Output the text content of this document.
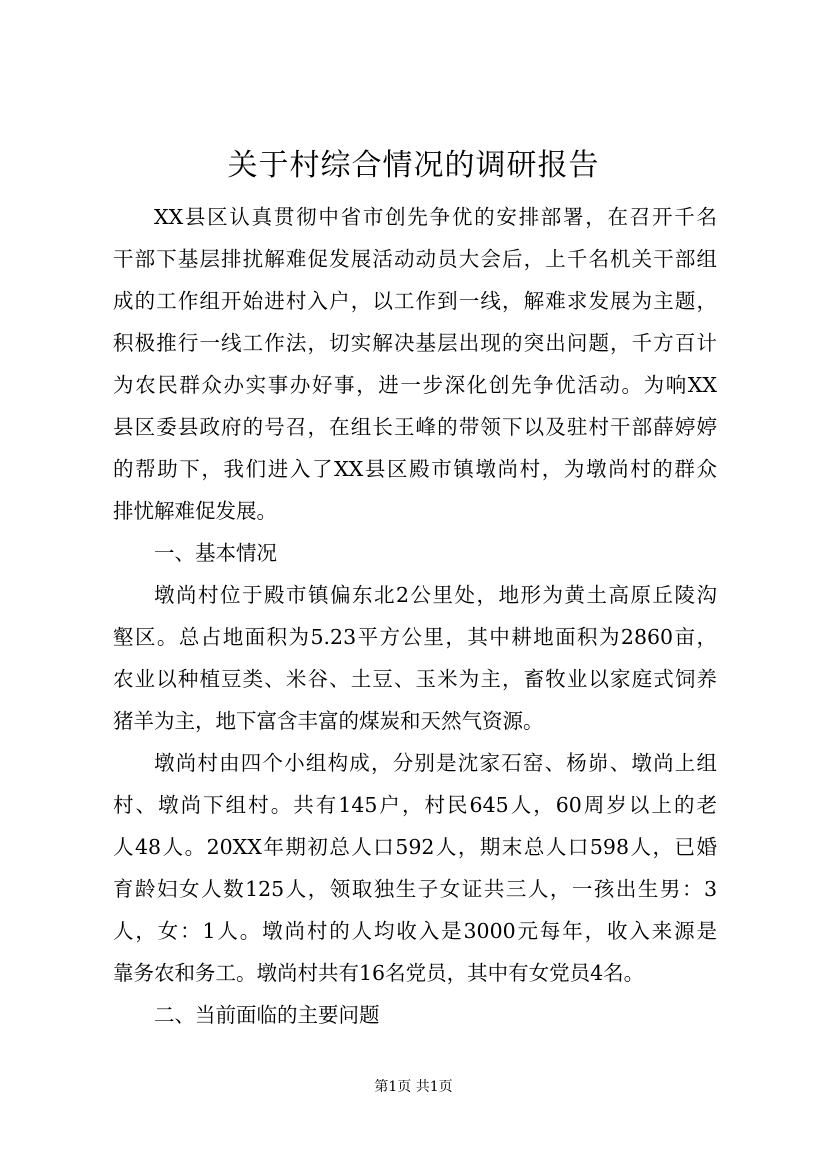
关于村综合情况的调研报告
XX县区认真贯彻中省市创先争优的安排部署，在召开千名
干部下基层排扰解难促发展活动动员大会后，上千名机关干部组
成的工作组开始进村入户，以工作到一线，解难求发展为主题，
积极推行一线工作法，切实解决基层出现的突出问题，千方百计
为农民群众办实事办好事，进一步深化创先争优活动。为响XX
县区委县政府的号召，在组长王峰的带领下以及驻村干部薛婷婷
的帮助下，我们进入了XX县区殿市镇墩尚村，为墩尚村的群众
排忧解难促发展。
一、基本情况
墩尚村位于殿市镇偏东北2公里处，地形为黄土高原丘陵沟
壑区。总占地面积为5.23平方公里，其中耕地面积为2860亩，
农业以种植豆类、米谷、土豆、玉米为主，畜牧业以家庭式饲养
猪羊为主，地下富含丰富的煤炭和天然气资源。
墩尚村由四个小组构成，分别是沈家石窑、杨峁、墩尚上组
村、墩尚下组村。共有145户，村民645人，60周岁以上的老
人48人。20XX年期初总人口592人，期末总人口598人，已婚
育龄妇女人数125人，领取独生子女证共三人，一孩出生男：3
人，女：1人。墩尚村的人均收入是3000元每年，收入来源是
靠务农和务工。墩尚村共有16名党员，其中有女党员4名。
二、当前面临的主要问题
第1页 共1页
